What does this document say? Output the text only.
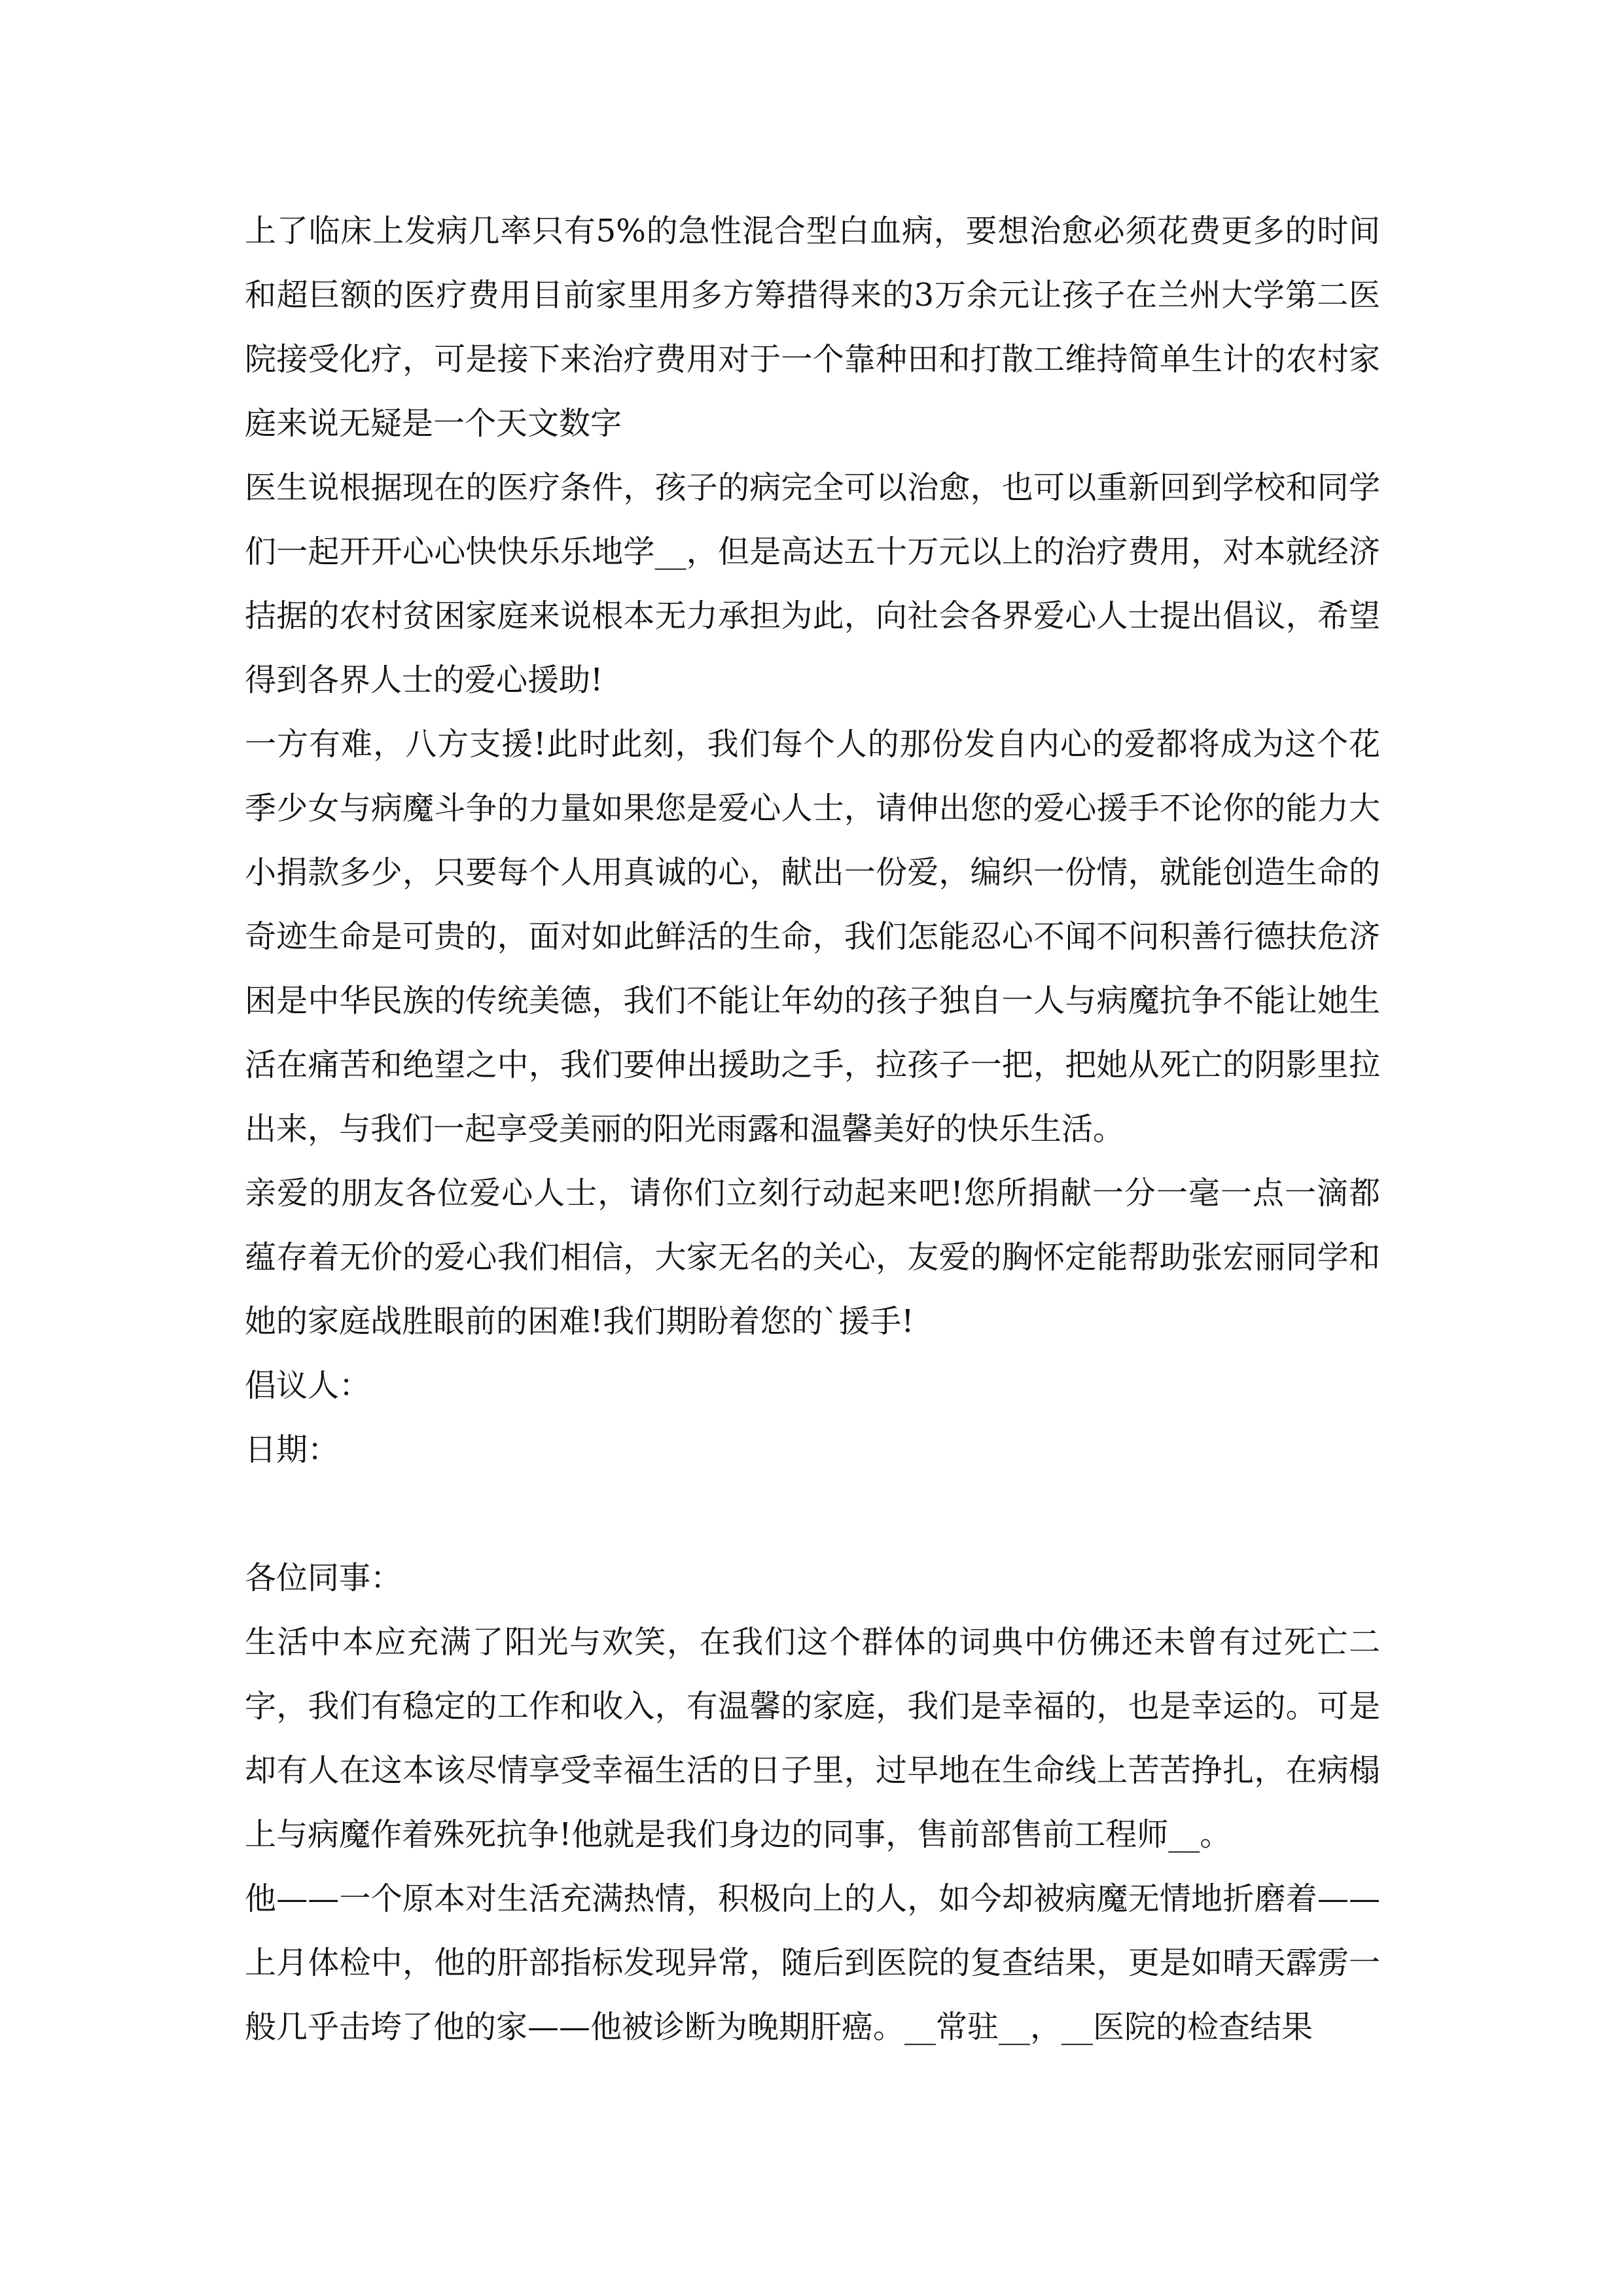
上了临床上发病几率只有5%的急性混合型白血病，要想治愈必须花费更多的时间和超巨额的医疗费用目前家里用多方筹措得来的3万余元让孩子在兰州大学第二医院接受化疗，可是接下来治疗费用对于一个靠种田和打散工维持简单生计的农村家庭来说无疑是一个天文数字

医生说根据现在的医疗条件，孩子的病完全可以治愈，也可以重新回到学校和同学们一起开开心心快快乐乐地学__，但是高达五十万元以上的治疗费用，对本就经济拮据的农村贫困家庭来说根本无力承担为此，向社会各界爱心人士提出倡议，希望得到各界人士的爱心援助!

一方有难，八方支援!此时此刻，我们每个人的那份发自内心的爱都将成为这个花季少女与病魔斗争的力量如果您是爱心人士，请伸出您的爱心援手不论你的能力大小捐款多少，只要每个人用真诚的心，献出一份爱，编织一份情，就能创造生命的奇迹生命是可贵的，面对如此鲜活的生命，我们怎能忍心不闻不问积善行德扶危济困是中华民族的传统美德，我们不能让年幼的孩子独自一人与病魔抗争不能让她生活在痛苦和绝望之中，我们要伸出援助之手，拉孩子一把，把她从死亡的阴影里拉出来，与我们一起享受美丽的阳光雨露和温馨美好的快乐生活。

亲爱的朋友各位爱心人士，请你们立刻行动起来吧!您所捐献一分一毫一点一滴都蕴存着无价的爱心我们相信，大家无名的关心，友爱的胸怀定能帮助张宏丽同学和她的家庭战胜眼前的困难!我们期盼着您的`援手!

倡议人：

日期：

各位同事：

生活中本应充满了阳光与欢笑，在我们这个群体的词典中仿佛还未曾有过死亡二字，我们有稳定的工作和收入，有温馨的家庭，我们是幸福的，也是幸运的。可是却有人在这本该尽情享受幸福生活的日子里，过早地在生命线上苦苦挣扎，在病榻上与病魔作着殊死抗争!他就是我们身边的同事，售前部售前工程师__。

他——一个原本对生活充满热情，积极向上的人，如今却被病魔无情地折磨着——上月体检中，他的肝部指标发现异常，随后到医院的复查结果，更是如晴天霹雳一般几乎击垮了他的家——他被诊断为晚期肝癌。__常驻__，__医院的检查结果
